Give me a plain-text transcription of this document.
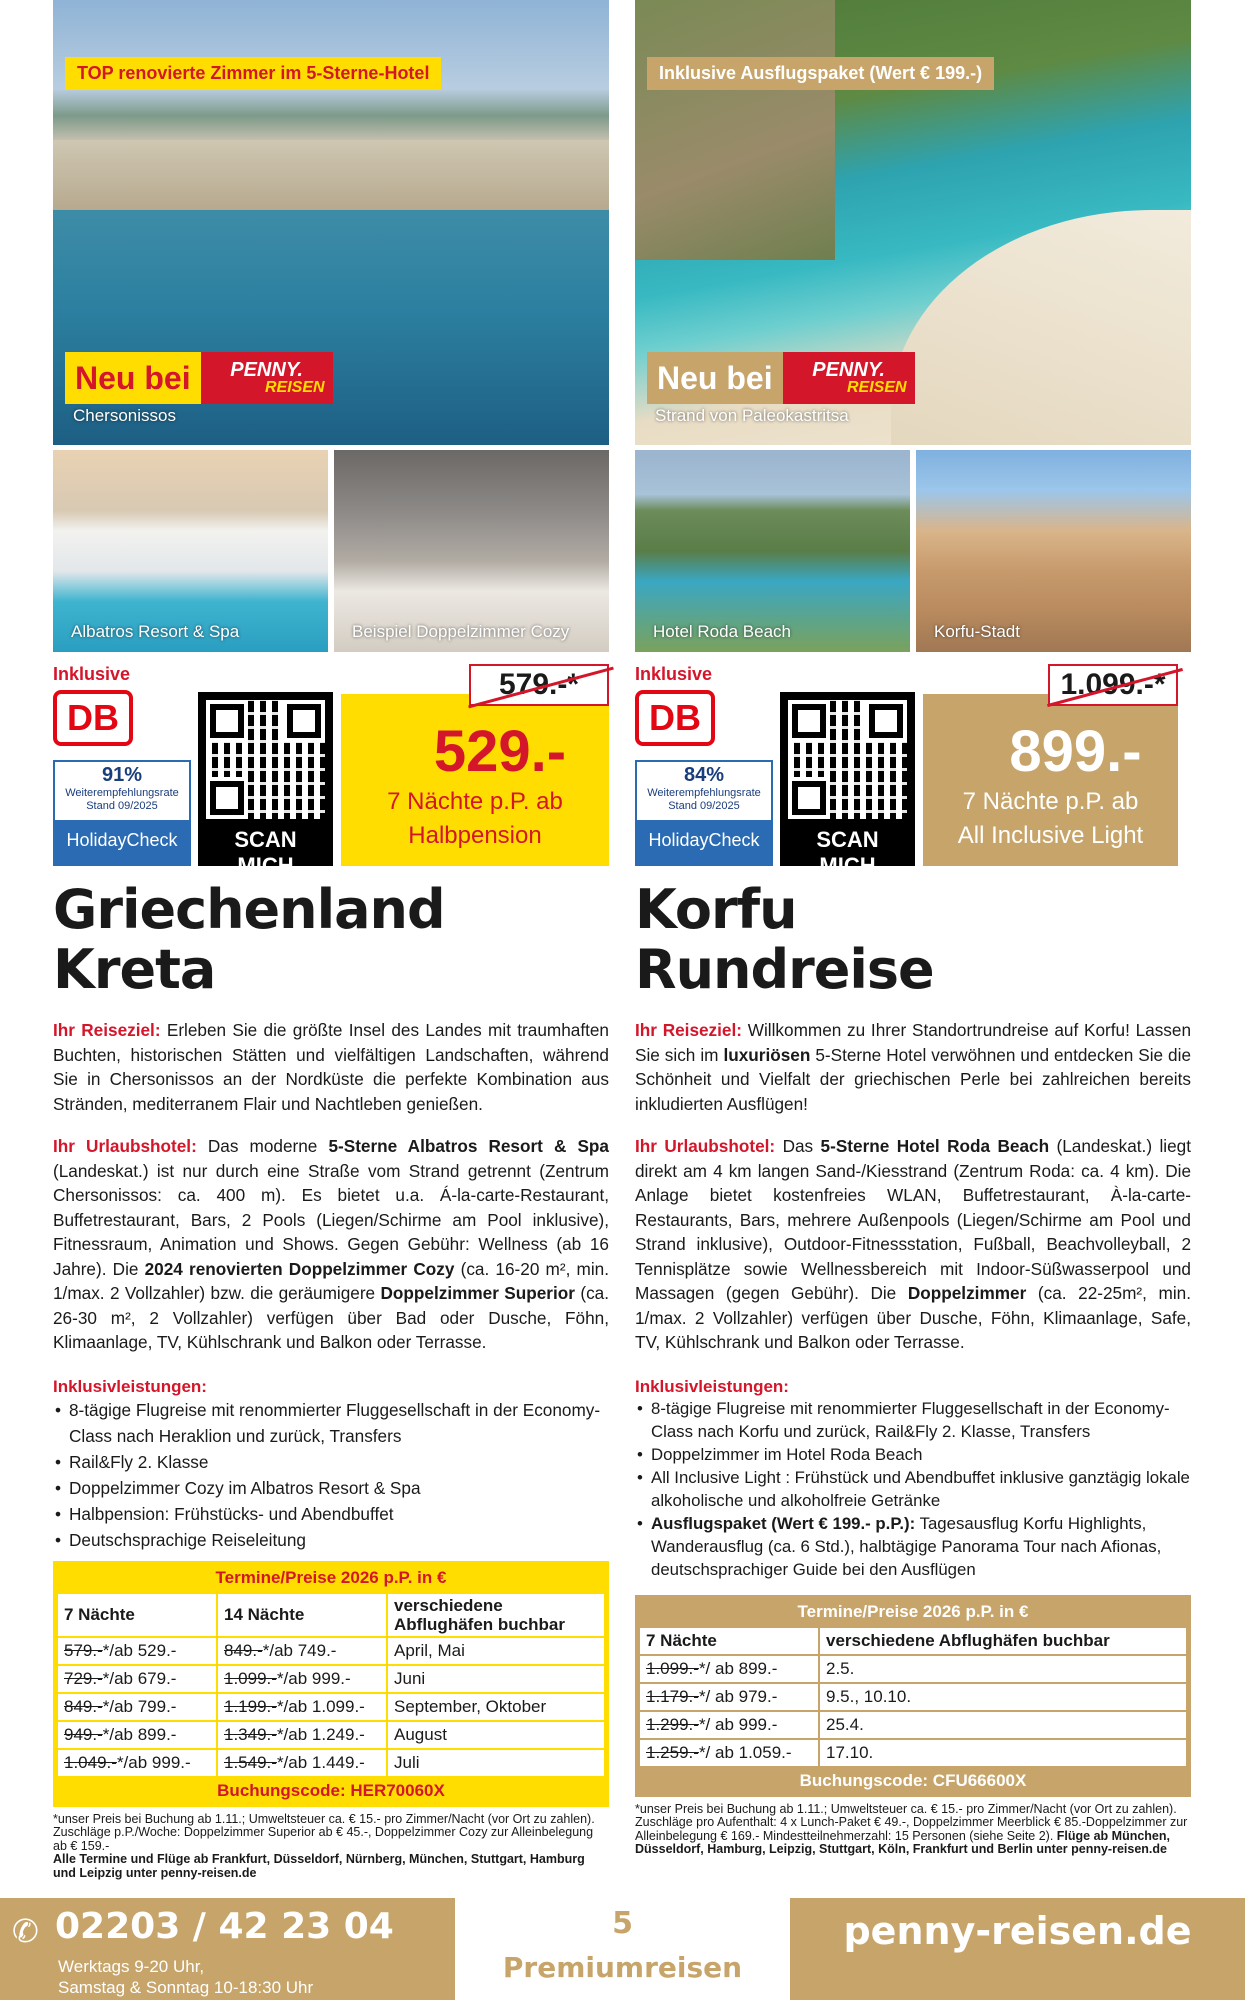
TOP renovierte Zimmer im 5-Sterne-Hotel
Neu bei	PENNY.
REISEN
Chersonissos
Albatros Resort & Spa	Beispiel Doppelzimmer Cozy
Inklusive
DB
91%
Weiterempfehlungsrate
Stand 09/2025
HolidayCheck	SCAN MICH
579.-*
529.-
7 Nächte p.P. ab
Halbpension
Griechenland
Kreta

Ihr Reiseziel: Erleben Sie die größte Insel des Landes mit traumhaften Buchten, historischen Stätten und vielfältigen Landschaften, während Sie in Chersonissos an der Nordküste die perfekte Kombination aus Stränden, mediterranem Flair und Nachtleben genießen.

Ihr Urlaubshotel: Das moderne 5-Sterne Albatros Resort & Spa (Landeskat.) ist nur durch eine Straße vom Strand getrennt (Zentrum Chersonissos: ca. 400 m). Es bietet u.a. Á-la-carte-Restaurant, Buffetrestaurant, Bars, 2 Pools (Liegen/Schirme am Pool inklusive), Fitnessraum, Animation und Shows. Gegen Gebühr: Wellness (ab 16 Jahre). Die 2024 renovierten Doppelzimmer Cozy (ca. 16-20 m², min. 1/max. 2 Vollzahler) bzw. die geräumigere Doppelzimmer Superior (ca. 26-30 m², 2 Vollzahler) verfügen über Bad oder Dusche, Föhn, Klimaanlage, TV, Kühlschrank und Balkon oder Terrasse.

Inklusivleistungen:
• 8-tägige Flugreise mit renommierter Fluggesellschaft in der Economy-Class nach Heraklion und zurück, Transfers
• Rail&Fly 2. Klasse
• Doppelzimmer Cozy im Albatros Resort & Spa
• Halbpension: Frühstücks- und Abendbuffet
• Deutschsprachige Reiseleitung
Termine/Preise 2026 p.P. in €
7 Nächte	14 Nächte	verschiedene Abflughäfen buchbar
579.-*/ab 529.-	849.-*/ab 749.-	April, Mai
729.-*/ab 679.-	1.099.-*/ab 999.-	Juni
849.-*/ab 799.-	1.199.-*/ab 1.099.-	September, Oktober
949.-*/ab 899.-	1.349.-*/ab 1.249.-	August
1.049.-*/ab 999.-	1.549.-*/ab 1.449.-	Juli
Buchungscode: HER70060X

*unser Preis bei Buchung ab 1.11.; Umweltsteuer ca. € 15.- pro Zimmer/Nacht (vor Ort zu zahlen). Zuschläge p.P./Woche: Doppelzimmer Superior ab € 45.-, Doppelzimmer Cozy zur Alleinbelegung ab € 159.-
Alle Termine und Flüge ab Frankfurt, Düsseldorf, Nürnberg, München, Stuttgart, Hamburg und Leipzig unter penny-reisen.de

Inklusive Ausflugspaket (Wert € 199.-)
Neu bei	PENNY.
REISEN
Strand von Paleokastritsa
Hotel Roda Beach	Korfu-Stadt
Inklusive
DB
84%
Weiterempfehlungsrate
Stand 09/2025
HolidayCheck	SCAN MICH
1.099.-*
899.-
7 Nächte p.P. ab
All Inclusive Light
Korfu
Rundreise

Ihr Reiseziel: Willkommen zu Ihrer Standortrundreise auf Korfu! Lassen Sie sich im luxuriösen 5-Sterne Hotel verwöhnen und entdecken Sie die Schönheit und Vielfalt der griechischen Perle bei zahlreichen bereits inkludierten Ausflügen!

Ihr Urlaubshotel: Das 5-Sterne Hotel Roda Beach (Landeskat.) liegt direkt am 4 km langen Sand-/Kiesstrand (Zentrum Roda: ca. 4 km). Die Anlage bietet kostenfreies WLAN, Buffetrestaurant, À-la-carte-Restaurants, Bars, mehrere Außenpools (Liegen/Schirme am Pool und Strand inklusive), Outdoor-Fitnessstation, Fußball, Beachvolleyball, 2 Tennisplätze sowie Wellnessbereich mit Indoor-Süßwasserpool und Massagen (gegen Gebühr). Die Doppelzimmer (ca. 22-25m², min. 1/max. 2 Vollzahler) verfügen über Dusche, Föhn, Klimaanlage, Safe, TV, Kühlschrank und Balkon oder Terrasse.

Inklusivleistungen:
• 8-tägige Flugreise mit renommierter Fluggesellschaft in der Economy-Class nach Korfu und zurück, Rail&Fly 2. Klasse, Transfers
• Doppelzimmer im Hotel Roda Beach
• All Inclusive Light : Frühstück und Abendbuffet inklusive ganztägig lokale alkoholische und alkoholfreie Getränke
• Ausflugspaket (Wert € 199.- p.P.): Tagesausflug Korfu Highlights, Wanderausflug (ca. 6 Std.), halbtägige Panorama Tour nach Afionas, deutschsprachiger Guide bei den Ausflügen
Termine/Preise 2026 p.P. in €
7 Nächte	verschiedene Abflughäfen buchbar
1.099.-*/ ab 899.-	2.5.
1.179.-*/ ab 979.-	9.5., 10.10.
1.299.-*/ ab 999.-	25.4.
1.259.-*/ ab 1.059.-	17.10.
Buchungscode: CFU66600X

*unser Preis bei Buchung ab 1.11.; Umweltsteuer ca. € 15.- pro Zimmer/Nacht (vor Ort zu zahlen). Zuschläge pro Aufenthalt: 4 x Lunch-Paket € 49.-, Doppelzimmer Meerblick € 85.-Doppelzimmer zur Alleinbelegung € 169.- Mindestteilnehmerzahl: 15 Personen (siehe Seite 2). Flüge ab München, Düsseldorf, Hamburg, Leipzig, Stuttgart, Köln, Frankfurt und Berlin unter penny-reisen.de

✆ 02203 / 42 23 04
Werktags 9-20 Uhr,
Samstag & Sonntag 10-18:30 Uhr
5
Premiumreisen
penny-reisen.de
